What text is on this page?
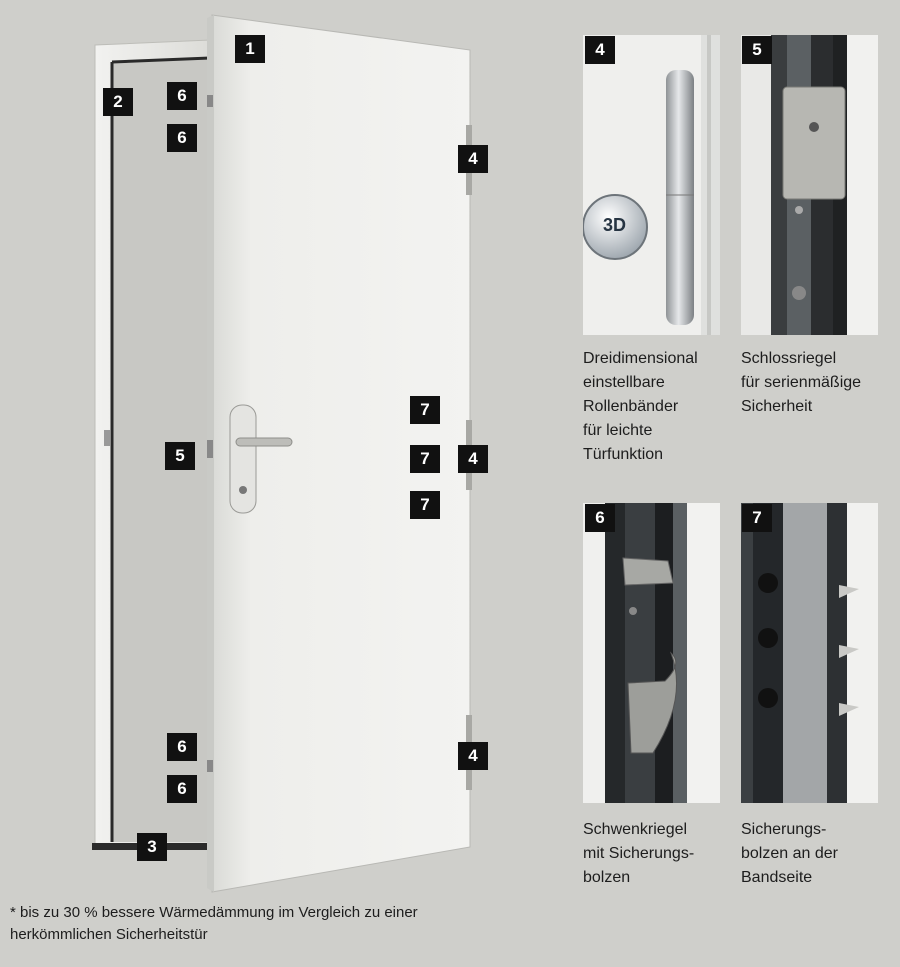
1
2
3
4
4
4
5
6
6
6
6
7
7
7
3D
4
Dreidimensional
einstellbare
Rollenbänder
für leichte
Türfunktion
5
Schlossriegel
für serienmäßige
Sicherheit
6
Schwenkriegel
mit Sicherungs-
bolzen
7
Sicherungs-
bolzen an der
Bandseite
* bis zu 30 % bessere Wärmedämmung im Vergleich zu einer
herkömmlichen Sicherheitstür
